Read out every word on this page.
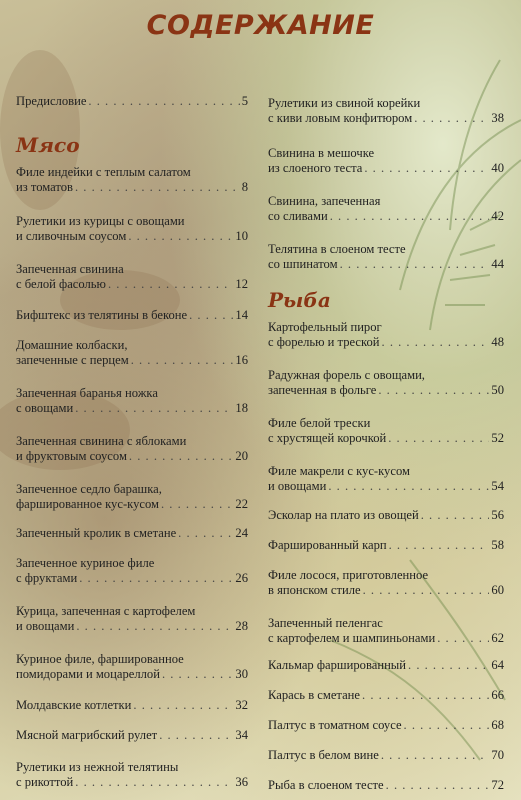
СОДЕРЖАНИЕ
Предисловие . . .	5
Мясо
Филе индейки с теплым салатом
из томатов . . .	8
Рулетики из курицы с овощами
и сливочным соусом . . .	10
Запеченная свинина
с белой фасолью . . .	12
Бифштекс из телятины в беконе . . .	14
Домашние колбаски,
запеченные с перцем . . .	16
Запеченная баранья ножка
с овощами . . .	18
Запеченная свинина с яблоками
и фруктовым соусом . . .	20
Запеченное седло барашка,
фаршированное кус-кусом . . .	22
Запеченный кролик в сметане . . .	24
Запеченное куриное филе
с фруктами . . .	26
Курица, запеченная с картофелем
и овощами . . .	28
Куриное филе, фаршированное
помидорами и моцареллой . . .	30
Молдавские котлетки . . .	32
Мясной магрибский рулет . . .	34
Рулетики из нежной телятины
с рикоттой . . .	36
Рулетики из свиной корейки
с киви ловым конфитюром . . .	38
Свинина в мешочке
из слоеного теста . . .	40
Свинина, запеченная
со сливами . . .	42
Телятина в слоеном тесте
со шпинатом . . .	44
Рыба
Картофельный пирог
с форелью и треской . . .	48
Радужная форель с овощами,
запеченная в фольге . . .	50
Филе белой трески
с хрустящей корочкой . . .	52
Филе макрели с кус-кусом
и овощами . . .	54
Эсколар на плато из овощей . . .	56
Фаршированный карп . . .	58
Филе лосося, приготовленное
в японском стиле . . .	60
Запеченный пеленгас
с картофелем и шампиньонами . . .	62
Кальмар фаршированный . . .	64
Карась в сметане . . .	66
Палтус в томатном соусе . . .	68
Палтус в белом вине . . .	70
Рыба в слоеном тесте . . .	72
